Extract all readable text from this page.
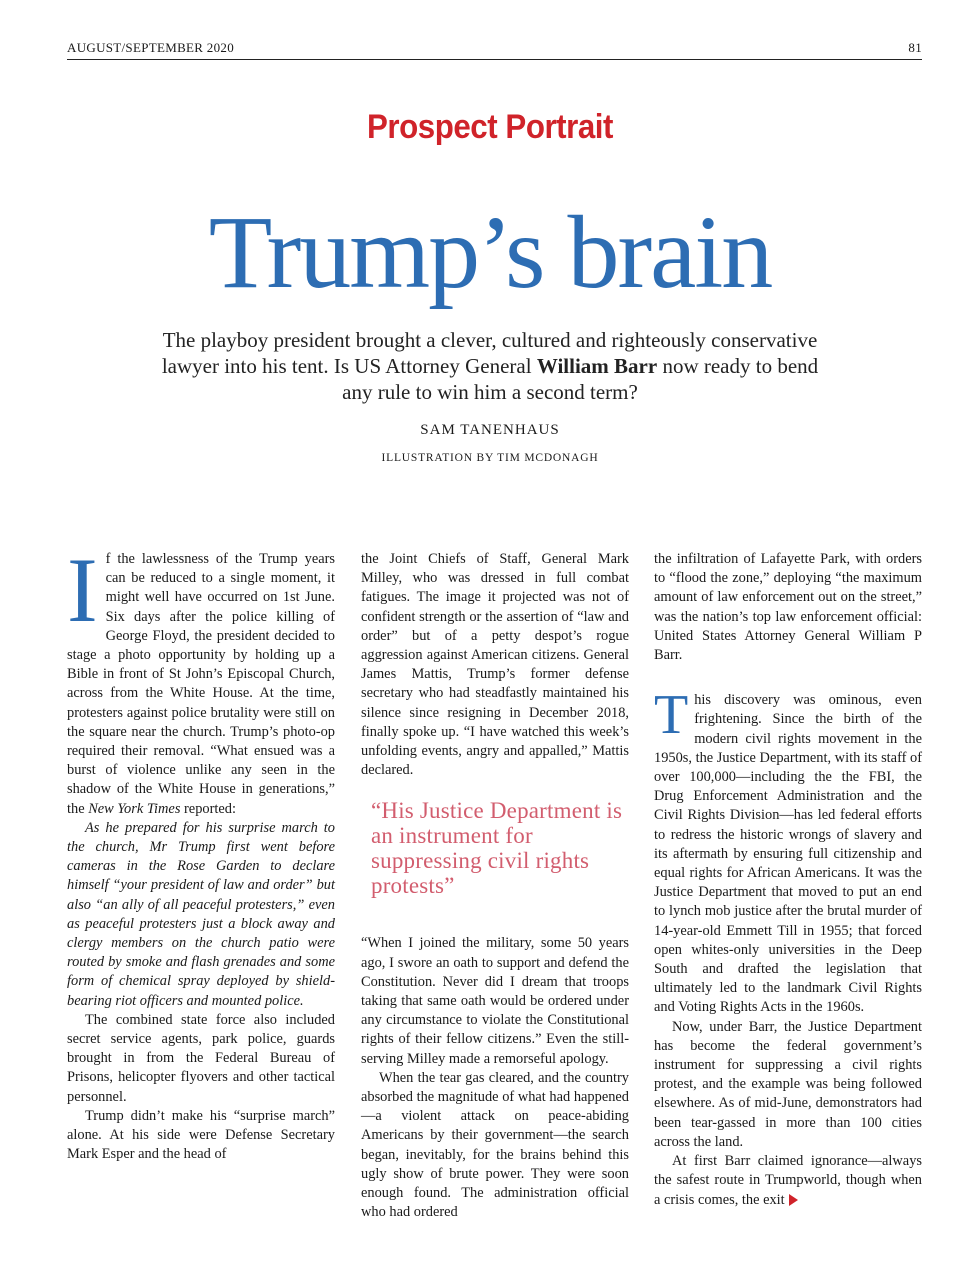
AUGUST/SEPTEMBER 2020	81
Prospect Portrait
Trump’s brain
The playboy president brought a clever, cultured and righteously conservative lawyer into his tent. Is US Attorney General William Barr now ready to bend any rule to win him a second term?
SAM TANENHAUS
ILLUSTRATION BY TIM MCDONAGH

If the lawlessness of the Trump years can be reduced to a single moment, it might well have occurred on 1st June. Six days after the police killing of George Floyd, the president decided to stage a photo opportunity by holding up a Bible in front of St John’s Episcopal Church, across from the White House. At the time, protesters against police brutality were still on the square near the church. Trump’s photo-op required their removal. “What ensued was a burst of violence unlike any seen in the shadow of the White House in generations,” the New York Times reported:

As he prepared for his surprise march to the church, Mr Trump first went before cameras in the Rose Garden to declare himself “your president of law and order” but also “an ally of all peaceful protesters,” even as peaceful protesters just a block away and clergy members on the church patio were routed by smoke and flash grenades and some form of chemical spray deployed by shield-bearing riot officers and mounted police.

The combined state force also included secret service agents, park police, guards brought in from the Federal Bureau of Prisons, helicopter flyovers and other tactical personnel.

Trump didn’t make his “surprise march” alone. At his side were Defense Secretary Mark Esper and the head of

the Joint Chiefs of Staff, General Mark Milley, who was dressed in full combat fatigues. The image it projected was not of confident strength or the assertion of “law and order” but of a petty despot’s rogue aggression against American citizens. General James Mattis, Trump’s former defense secretary who had steadfastly maintained his silence since resigning in December 2018, finally spoke up. “I have watched this week’s unfolding events, angry and appalled,” Mattis declared.

“His Justice Department is an instrument for suppressing civil rights protests”

“When I joined the military, some 50 years ago, I swore an oath to support and defend the Constitution. Never did I dream that troops taking that same oath would be ordered under any circumstance to violate the Constitutional rights of their fellow citizens.” Even the still-serving Milley made a remorseful apology.

When the tear gas cleared, and the country absorbed the magnitude of what had happened—a violent attack on peace-abiding Americans by their government—the search began, inevitably, for the brains behind this ugly show of brute power. They were soon enough found. The administration official who had ordered

the infiltration of Lafayette Park, with orders to “flood the zone,” deploying “the maximum amount of law enforcement out on the street,” was the nation’s top law enforcement official: United States Attorney General William P Barr.

This discovery was ominous, even frightening. Since the birth of the modern civil rights movement in the 1950s, the Justice Department, with its staff of over 100,000—including the the FBI, the Drug Enforcement Administration and the Civil Rights Division—has led federal efforts to redress the historic wrongs of slavery and its aftermath by ensuring full citizenship and equal rights for African Americans. It was the Justice Department that moved to put an end to lynch mob justice after the brutal murder of 14-year-old Emmett Till in 1955; that forced open whites-only universities in the Deep South and drafted the legislation that ultimately led to the landmark Civil Rights and Voting Rights Acts in the 1960s.

Now, under Barr, the Justice Department has become the federal government’s instrument for suppressing a civil rights protest, and the example was being followed elsewhere. As of mid-June, demonstrators had been tear-gassed in more than 100 cities across the land.

At first Barr claimed ignorance—always the safest route in Trumpworld, though when a crisis comes, the exit
